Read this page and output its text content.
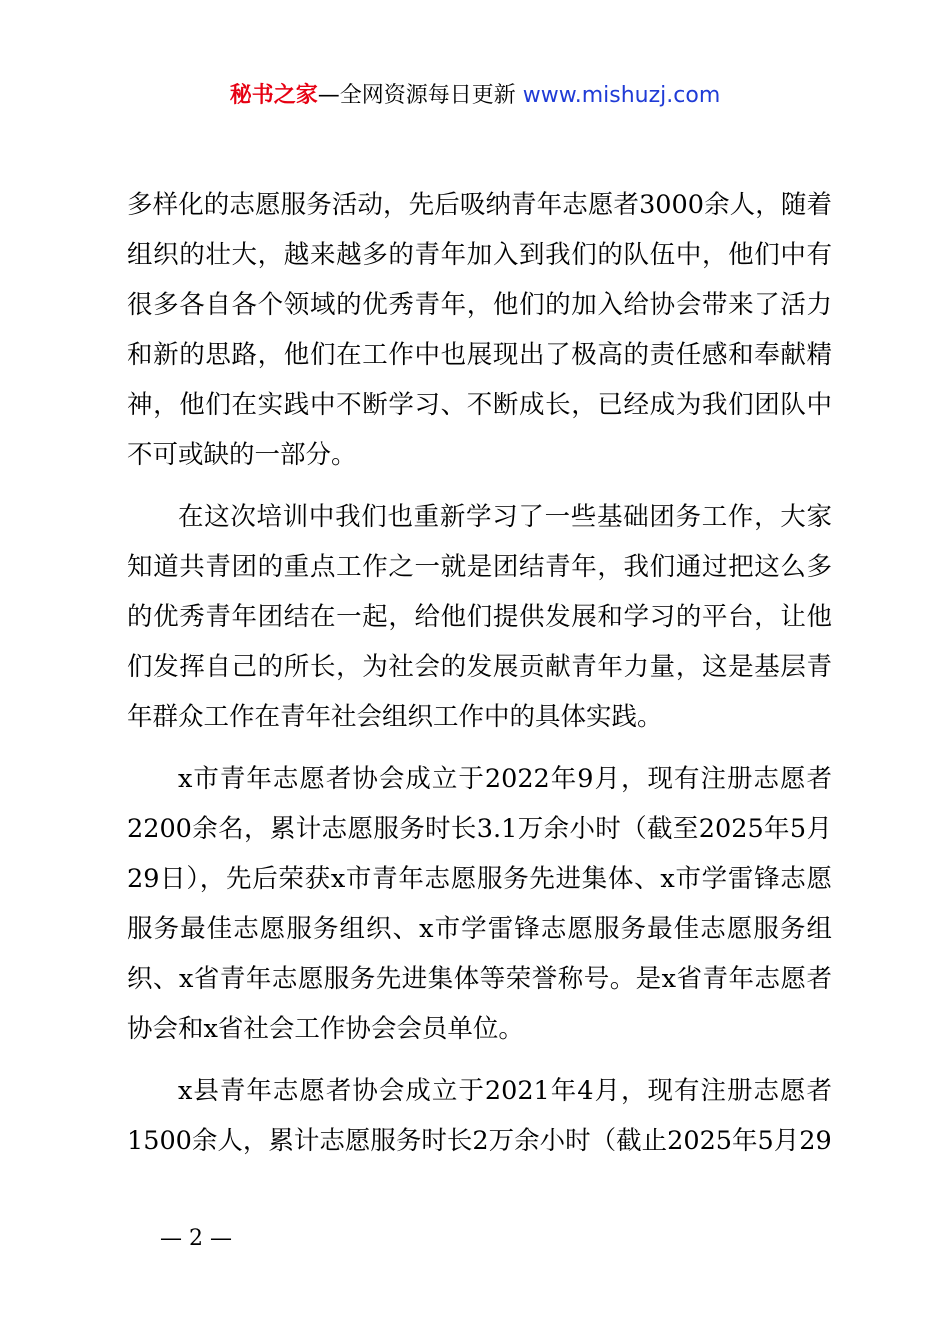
秘书之家—全网资源每日更新 www.mishuzj.com

多样化的志愿服务活动，先后吸纳青年志愿者3000余人，随着组织的壮大，越来越多的青年加入到我们的队伍中，他们中有很多各自各个领域的优秀青年，他们的加入给协会带来了活力和新的思路，他们在工作中也展现出了极高的责任感和奉献精神，他们在实践中不断学习、不断成长，已经成为我们团队中不可或缺的一部分。

在这次培训中我们也重新学习了一些基础团务工作，大家知道共青团的重点工作之一就是团结青年，我们通过把这么多的优秀青年团结在一起，给他们提供发展和学习的平台，让他们发挥自己的所长，为社会的发展贡献青年力量，这是基层青年群众工作在青年社会组织工作中的具体实践。

x市青年志愿者协会成立于2022年9月，现有注册志愿者2200余名，累计志愿服务时长3.1万余小时（截至2025年5月29日），先后荣获x市青年志愿服务先进集体、x市学雷锋志愿服务最佳志愿服务组织、x市学雷锋志愿服务最佳志愿服务组织、x省青年志愿服务先进集体等荣誉称号。是x省青年志愿者协会和x省社会工作协会会员单位。

x县青年志愿者协会成立于2021年4月，现有注册志愿者1500余人，累计志愿服务时长2万余小时（截止2025年5月29

— 2 —
